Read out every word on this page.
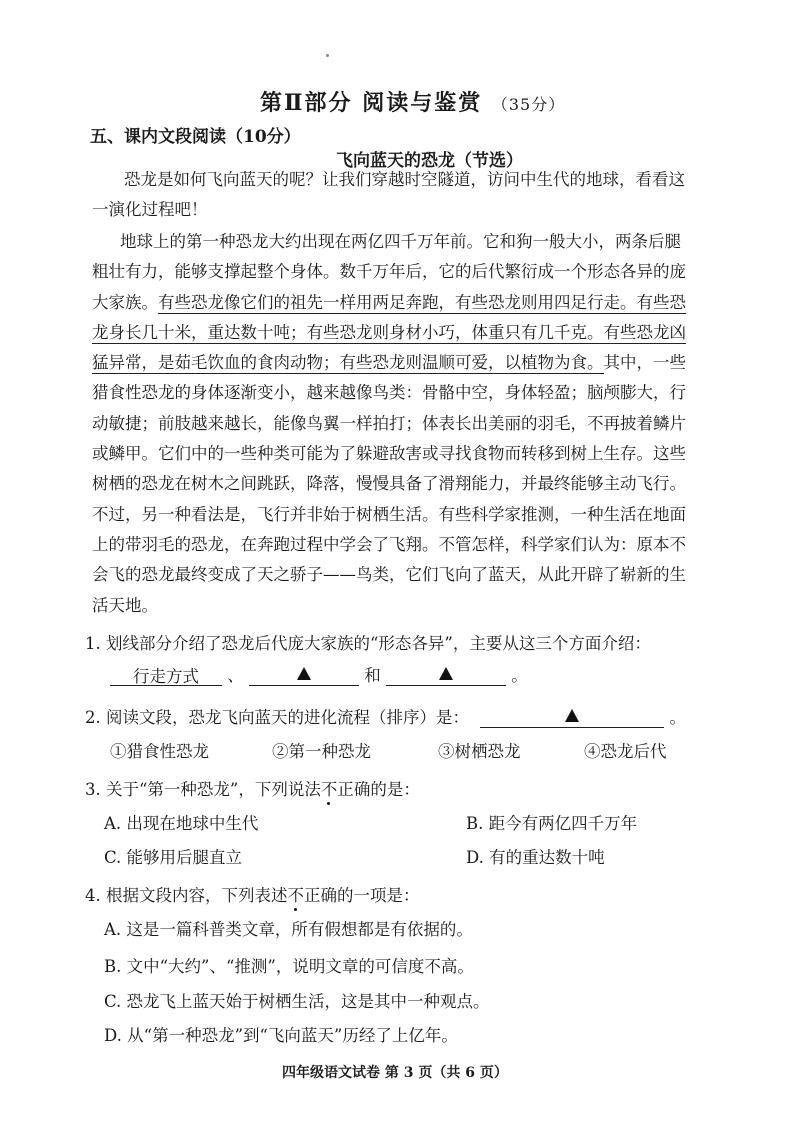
第Ⅱ部分 阅读与鉴赏 （35分）
五、课内文段阅读（10分）
飞向蓝天的恐龙（节选）
恐龙是如何飞向蓝天的呢？让我们穿越时空隧道，访问中生代的地球，看看这
一演化过程吧！
地球上的第一种恐龙大约出现在两亿四千万年前。它和狗一般大小，两条后腿
粗壮有力，能够支撑起整个身体。数千万年后，它的后代繁衍成一个形态各异的庞
大家族。有些恐龙像它们的祖先一样用两足奔跑，有些恐龙则用四足行走。有些恐
龙身长几十米，重达数十吨；有些恐龙则身材小巧，体重只有几千克。有些恐龙凶
猛异常，是茹毛饮血的食肉动物；有些恐龙则温顺可爱，以植物为食。其中，一些
猎食性恐龙的身体逐渐变小，越来越像鸟类：骨骼中空，身体轻盈；脑颅膨大，行
动敏捷；前肢越来越长，能像鸟翼一样拍打；体表长出美丽的羽毛，不再披着鳞片
或鳞甲。它们中的一些种类可能为了躲避敌害或寻找食物而转移到树上生存。这些
树栖的恐龙在树木之间跳跃，降落，慢慢具备了滑翔能力，并最终能够主动飞行。
不过，另一种看法是，飞行并非始于树栖生活。有些科学家推测，一种生活在地面
上的带羽毛的恐龙，在奔跑过程中学会了飞翔。不管怎样，科学家们认为：原本不
会飞的恐龙最终变成了天之骄子——鸟类，它们飞向了蓝天，从此开辟了崭新的生
活天地。
1. 划线部分介绍了恐龙后代庞大家族的“形态各异”，主要从这三个方面介绍：
行走方式 、	和	。
2. 阅读文段，恐龙飞向蓝天的进化流程（排序）是：	。
①猎食性恐龙	②第一种恐龙	③树栖恐龙	④恐龙后代
3. 关于“第一种恐龙”，下列说法不
正确的是：
A. 出现在地球中生代	B. 距今有两亿四千万年
C. 能够用后腿直立	D. 有的重达数十吨
4. 根据文段内容，下列表述不
正确的一项是：
A. 这是一篇科普类文章，所有假想都是有依据的。
B. 文中“大约”、“推测”，说明文章的可信度不高。
C. 恐龙飞上蓝天始于树栖生活，这是其中一种观点。
D. 从“第一种恐龙”到“飞向蓝天”历经了上亿年。
四年级语文试卷 第 3 页（共 6 页）
